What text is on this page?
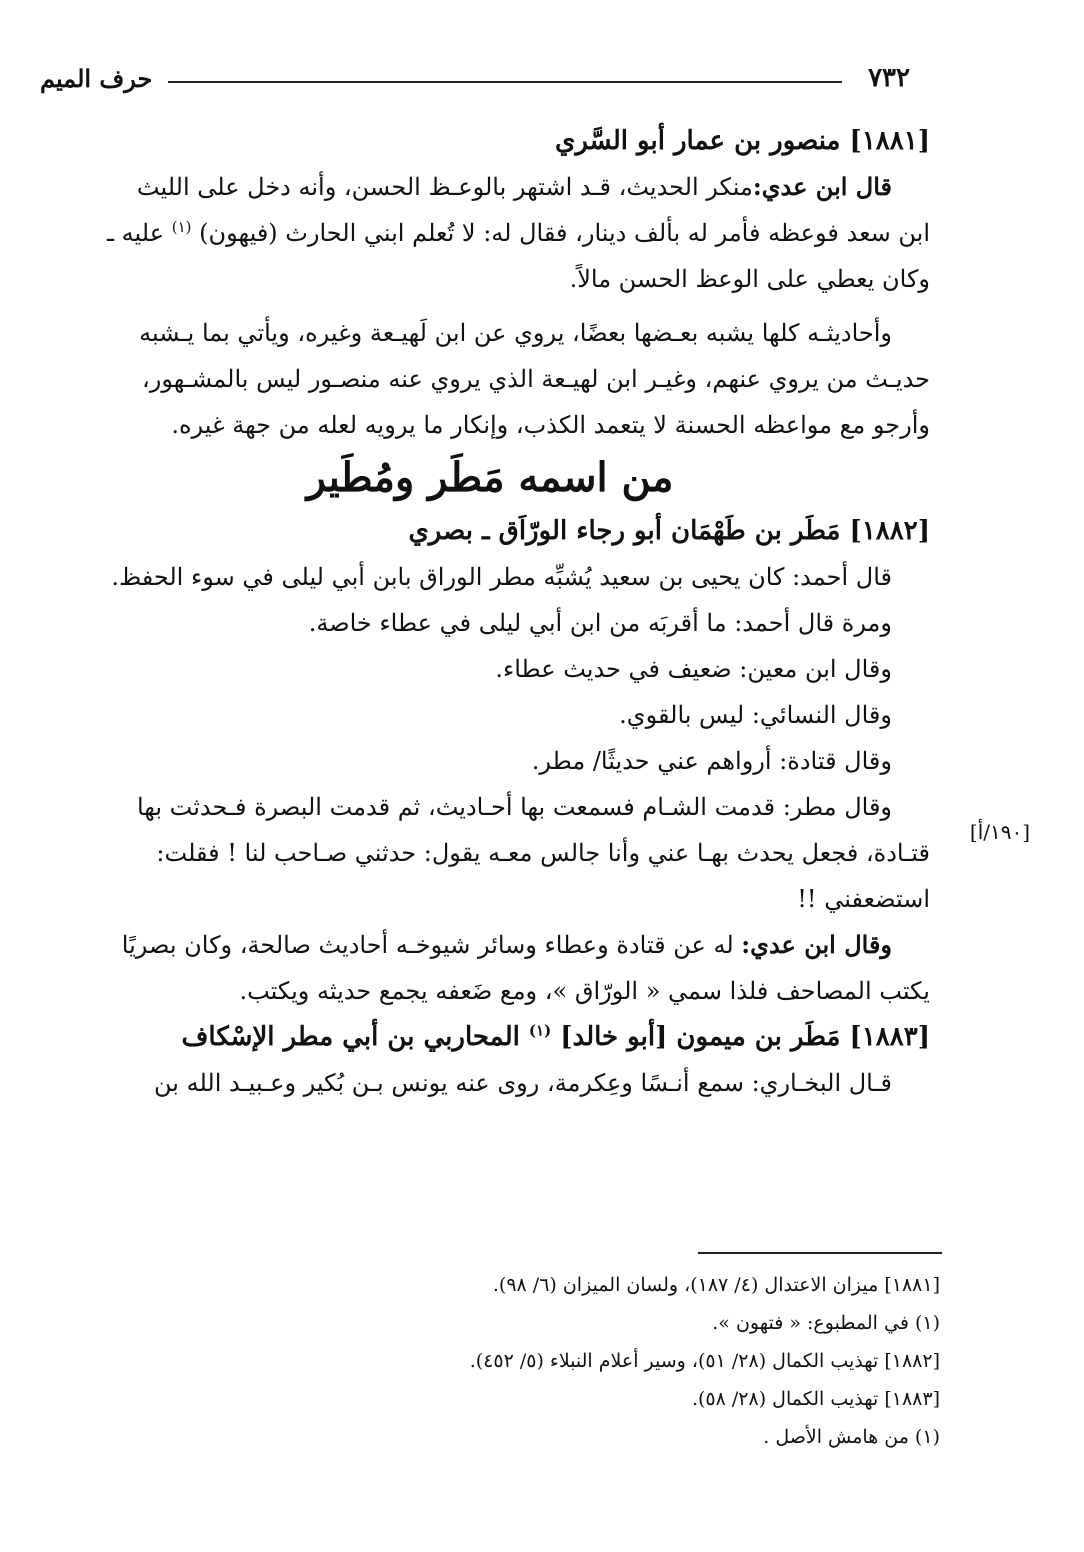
٧٣٢
حرف الميم

[١٨٨١] منصور بن عمار أبو السَّري

قال ابن عدي:منكر الحديث، قـد اشتهر بالوعـظ الحسن، وأنه دخل على الليث

ابن سعد فوعظه فأمر له بألف دينار، فقال له: لا تُعلم ابني الحارث (فيهون) $^{(١)}$ عليه ـ

وكان يعطي على الوعظ الحسن مالاً.

وأحاديثـه كلها يشبه بعـضها بعضًا، يروي عن ابن لَهيـعة وغيره، ويأتي بما يـشبه

حديـث من يروي عنهم، وغيـر ابن لهيـعة الذي يروي عنه منصـور ليس بالمشـهور،

وأرجو مع مواعظه الحسنة لا يتعمد الكذب، وإنكار ما يرويه لعله من جهة غيره.

من اسمه مَطَر ومُطَير

[١٨٨٢] مَطَر بن طَهْمَان أبو رجاء الورّاَق ـ بصري

قال أحمد: كان يحيى بن سعيد يُشبِّه مطر الوراق بابن أبي ليلى في سوء الحفظ.

ومرة قال أحمد: ما أقربَه من ابن أبي ليلى في عطاء خاصة.

وقال ابن معين: ضعيف في حديث عطاء.

وقال النسائي: ليس بالقوي.

وقال قتادة: أرواهم عني حديثًا/ مطر.

وقال مطر: قدمت الشـام فسمعت بها أحـاديث، ثم قدمت البصرة فـحدثت بها

قتـادة، فجعل يحدث بهـا عني وأنا جالس معـه يقول: حدثني صـاحب لنا ! فقلت:

استضعفني !!

وقال ابن عدي: له عن قتادة وعطاء وسائر شيوخـه أحاديث صالحة، وكان بصريًا

يكتب المصاحف فلذا سمي « الورّاق »، ومع ضَعفه يجمع حديثه ويكتب.

[١٨٨٣] مَطَر بن ميمون [أبو خالد] $^{(١)}$ المحاربي بن أبي مطر الإسْكاف

قـال البخـاري: سمع أنـسًا وعِكرمة، روى عنه يونس بـن بُكير وعـبيـد الله بن

[١٩٠/أ]

[١٨٨١] ميزان الاعتدال (٤/ ١٨٧)، ولسان الميزان (٦/ ٩٨).

(١) في المطبوع: « فتهون ».

[١٨٨٢] تهذيب الكمال (٢٨/ ٥١)، وسير أعلام النبلاء (٥/ ٤٥٢).

[١٨٨٣] تهذيب الكمال (٢٨/ ٥٨).

(١) من هامش الأصل .
